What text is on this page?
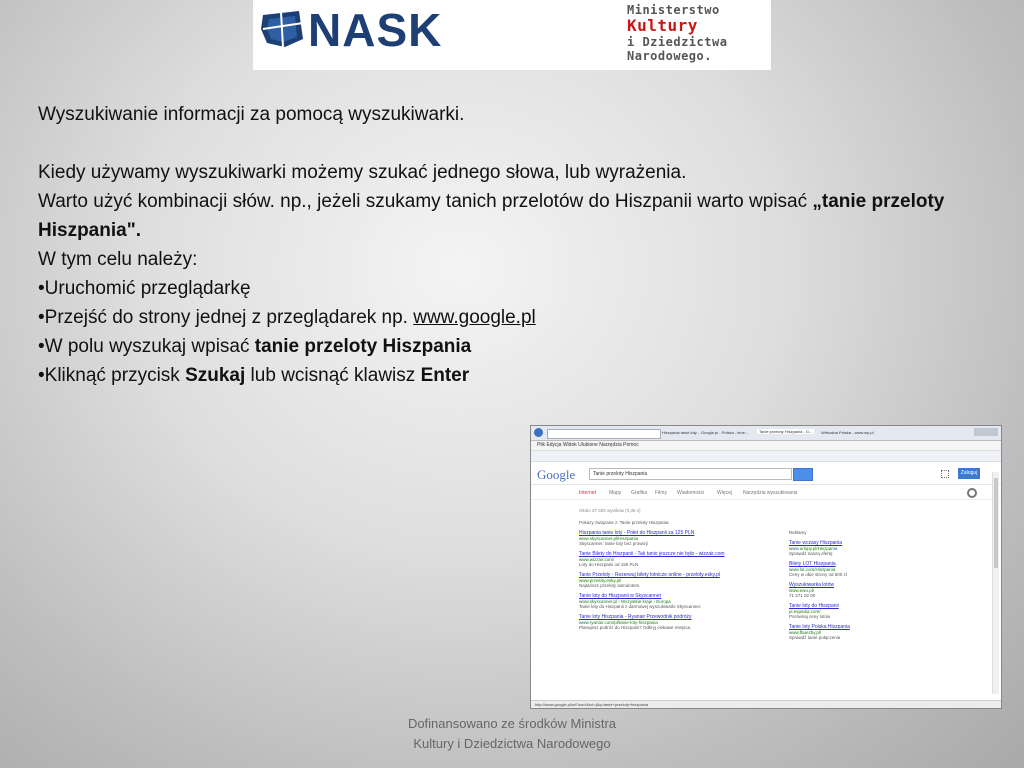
NASK	Ministerstwo
Kultury
i Dziedzictwa
Narodowego.

Wyszukiwanie informacji za pomocą wyszukiwarki.

Kiedy używamy wyszukiwarki możemy szukać jednego słowa, lub wyrażenia.

Warto użyć kombinacji słów. np., jeżeli szukamy tanich przelotów do Hiszpanii warto wpisać „tanie przeloty Hiszpania".

W tym celu należy:

•Uruchomić przeglądarkę

•Przejść do strony jednej z przeglądarek np. www.google.pl

•W polu wyszukaj wpisać tanie przeloty Hiszpania

•Kliknąć przycisk Szukaj lub wcisnąć klawisz Enter

Hiszpania tanie loty... Google.pl - Polska - inne...	Tanie przeloty Hiszpania - G...	Wirtualna Polska - www.wp.pl
Plik Edycja Widok Ulubione Narzędzia Pomoc
Google	Tanie przeloty Hiszpania	Zaloguj
Internet	Mapy Grafika Filmy Wiadomości	Więcej Narzędzia wyszukiwania
Około 27 400 wyników (0,35 s)
Pokazy związane z: Tanie przeloty Hiszpania
Hiszpania tanie loty - Połet do Hiszpanii za 125 PLN
www.skyscanner.pl/Hiszpania
Skyscanner: tanie loty bez prowizji
Tanie Bilety do Hiszpanii - Tak tanio jeszcze nie było - wizzair.com
www.wizzair.com/
Loty do Hiszpanii od 155 PLN
Tanie Przeloty - Rezerwuj bilety lotnicze online - przeloty.esky.pl
www.przeloty.esky.pl/
Najtańsze przeloty samolotem.
Tanie loty do Hiszpanii w Skyscanner
www.skyscanner.pl › Wszystkie kraje › Europa
Tanie loty do Hiszpanii z darmowej wyszukiwarki Skyscanner.
Tanie loty Hiszpania - Ryanair Przewodnik podróży
www.ryanair.com/pl/tanie-loty-hiszpania
Planujesz podróż do Hiszpanii? Odkryj ciekawe miejsca.
Reklamy
Tanie wczasy Hiszpania
www.urlopy.pl/Hiszpania
Sprawdź naszą ofertę
Bilety LOT Hiszpania
www.lot.com/Hiszpania
Ceny w obie strony od 500 zł
Wyszukiwarka lotów
www.ewo.pl/
71 271 02 00
Tanie loty do Hiszpanii
pl.expedia.com/
Porównaj ceny lotów
Tanie loty Polska Hiszpania
www.fbuezby.pl/
Sprawdź tanie połączenia
http://www.google.pl/url?sa=t&rct=j&q=tanie+przeloty+hiszpania
Dofinansowano ze środków Ministra
Kultury i Dziedzictwa Narodowego
